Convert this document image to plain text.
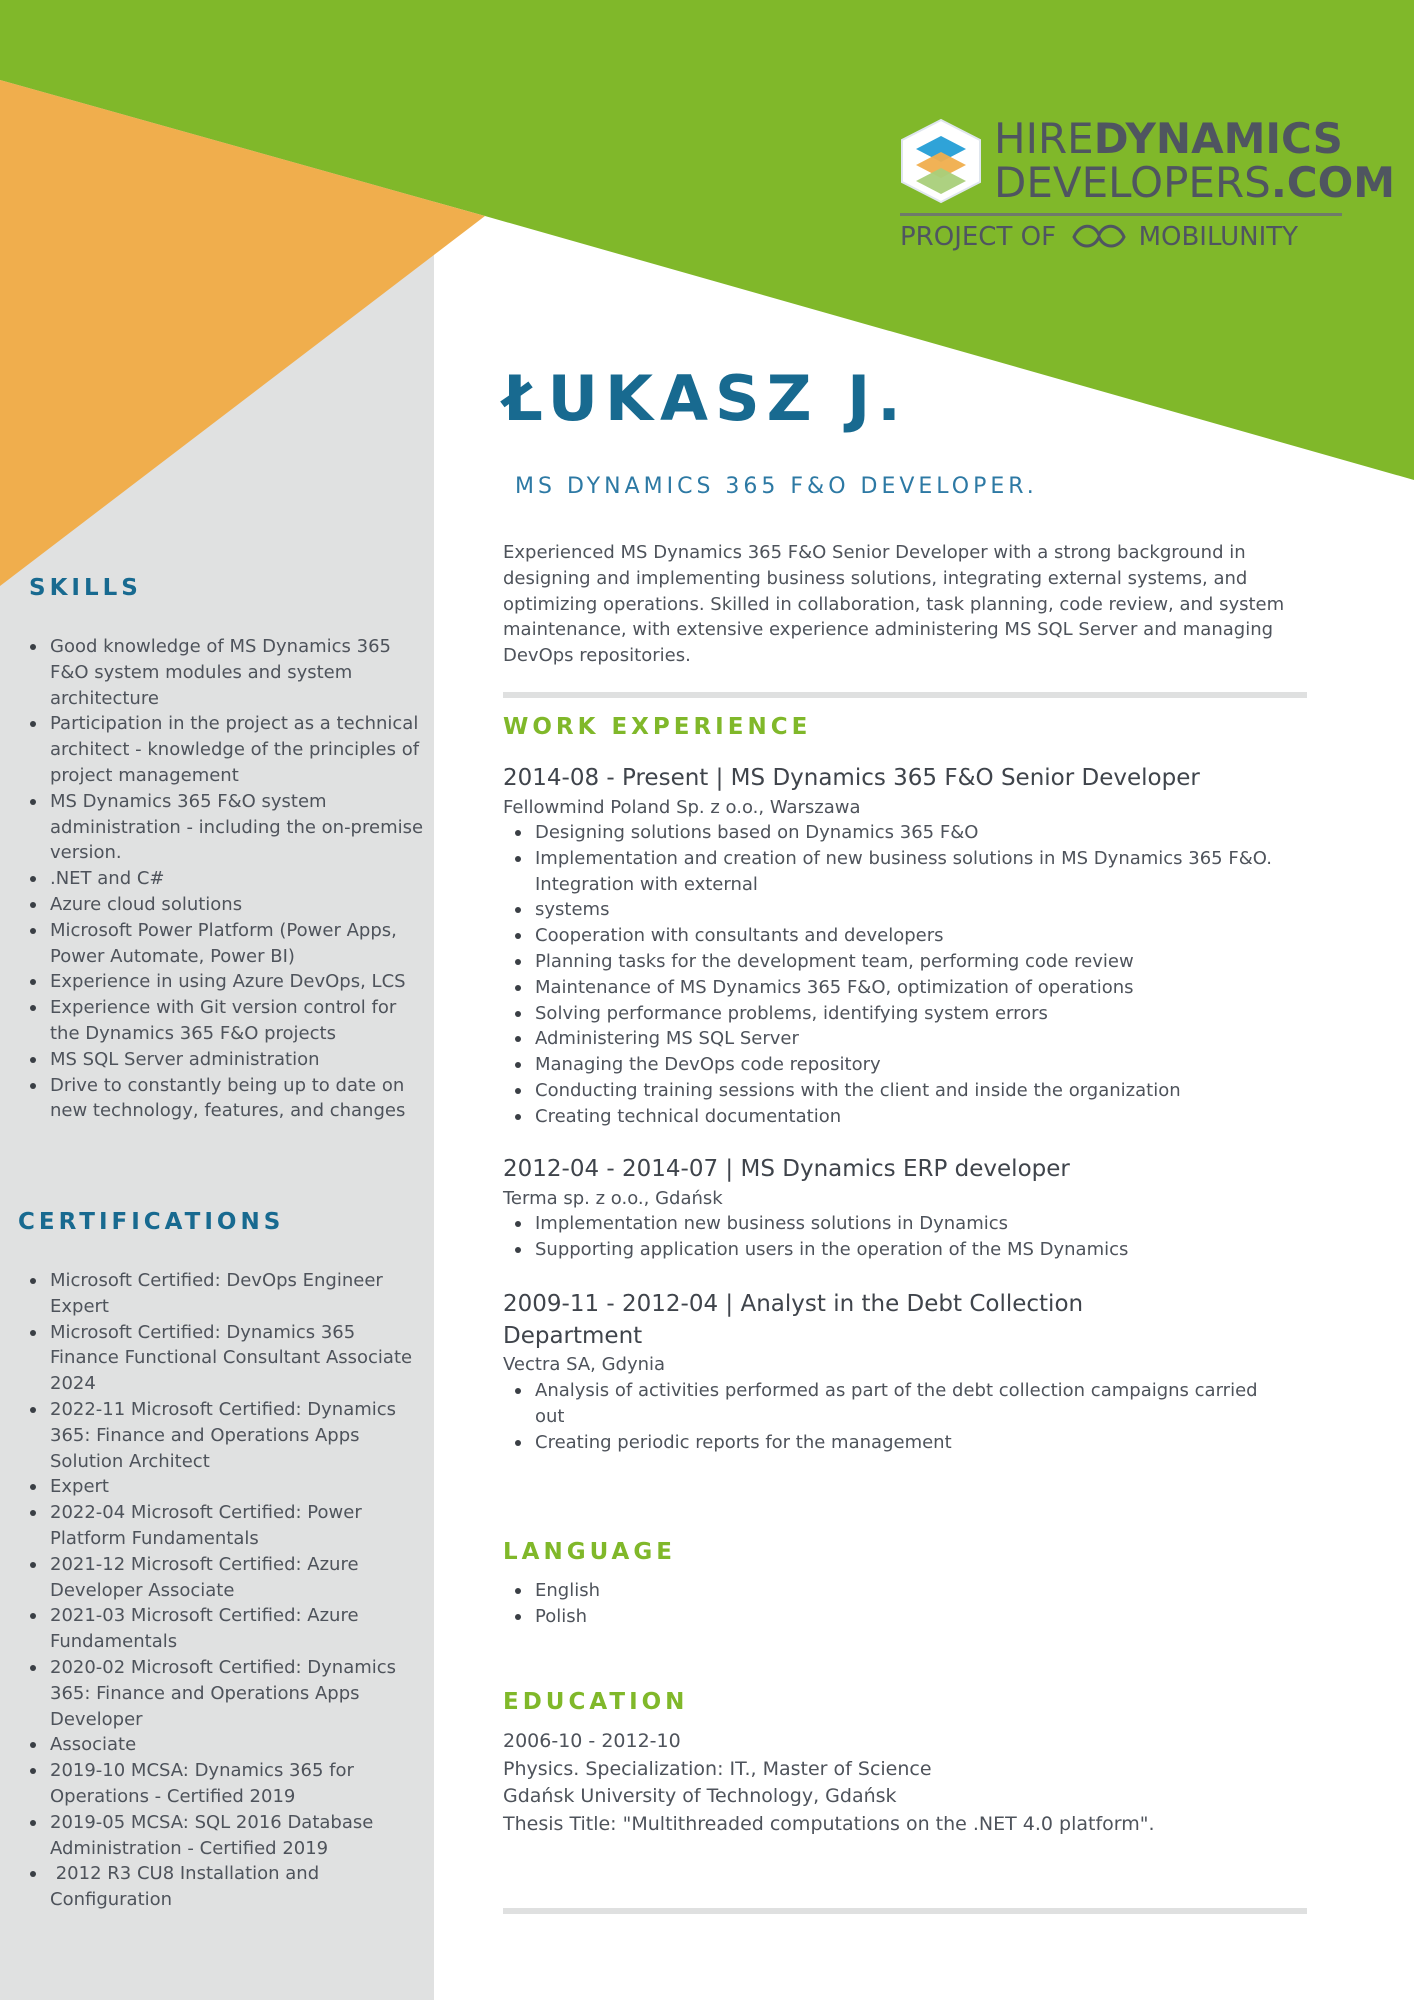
HIREDYNAMICS
DEVELOPERS.COM
PROJECT OF	MOBILUNITY
ŁUKASZ J.

MS DYNAMICS 365 F&O DEVELOPER.

Experienced MS Dynamics 365 F&O Senior Developer with a strong background in designing and implementing business solutions, integrating external systems, and optimizing operations. Skilled in collaboration, task planning, code review, and system maintenance, with extensive experience administering MS SQL Server and managing DevOps repositories.

SKILLS
Good knowledge of MS Dynamics 365 F&O system modules and system architecture
Participation in the project as a technical architect - knowledge of the principles of project management
MS Dynamics 365 F&O system administration - including the on-premise version.
.NET and C#
Azure cloud solutions
Microsoft Power Platform (Power Apps, Power Automate, Power BI)
Experience in using Azure DevOps, LCS
Experience with Git version control for the Dynamics 365 F&O projects
MS SQL Server administration
Drive to constantly being up to date on new technology, features, and changes
CERTIFICATIONS
Microsoft Certified: DevOps Engineer Expert
Microsoft Certified: Dynamics 365 Finance Functional Consultant Associate 2024
2022-11 Microsoft Certified: Dynamics 365: Finance and Operations Apps Solution Architect
Expert
2022-04 Microsoft Certified: Power Platform Fundamentals
2021-12 Microsoft Certified: Azure Developer Associate
2021-03 Microsoft Certified: Azure Fundamentals
2020-02 Microsoft Certified: Dynamics 365: Finance and Operations Apps Developer
Associate
2019-10 MCSA: Dynamics 365 for Operations - Certified 2019
2019-05 MCSA: SQL 2016 Database Administration - Certified 2019
2012 R3 CU8 Installation and Configuration
WORK EXPERIENCE

2014-08 - Present | MS Dynamics 365 F&O Senior Developer

Fellowmind Poland Sp. z o.o., Warszawa

Designing solutions based on Dynamics 365 F&O
Implementation and creation of new business solutions in MS Dynamics 365 F&O. Integration with external
systems
Cooperation with consultants and developers
Planning tasks for the development team, performing code review
Maintenance of MS Dynamics 365 F&O, optimization of operations
Solving performance problems, identifying system errors
Administering MS SQL Server
Managing the DevOps code repository
Conducting training sessions with the client and inside the organization
Creating technical documentation

2012-04 - 2014-07 | MS Dynamics ERP developer

Terma sp. z o.o., Gdańsk

Implementation new business solutions in Dynamics
Supporting application users in the operation of the MS Dynamics

2009-11 - 2012-04 | Analyst in the Debt Collection Department

Vectra SA, Gdynia

Analysis of activities performed as part of the debt collection campaigns carried out
Creating periodic reports for the management
LANGUAGE
English
Polish
EDUCATION

2006-10 - 2012-10

Physics. Specialization: IT., Master of Science

Gdańsk University of Technology, Gdańsk

Thesis Title: "Multithreaded computations on the .NET 4.0 platform".
